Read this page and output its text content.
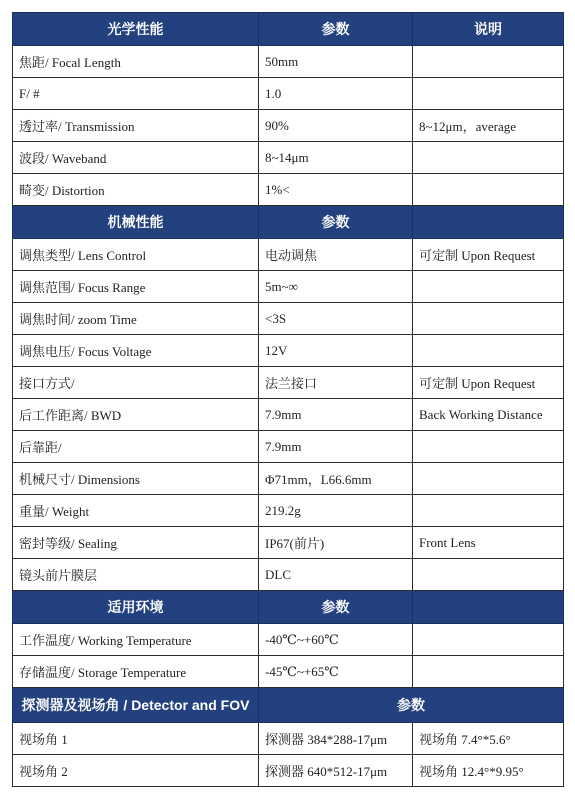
光学性能	参数	说明
焦距/ Focal Length	50mm	
F/ #	1.0	
透过率/ Transmission	90%	8~12μm，average
波段/ Waveband	8~14μm	
畸变/ Distortion	1%<	
机械性能	参数	
调焦类型/ Lens Control	电动调焦	可定制 Upon Request
调焦范围/ Focus Range	5m~∞	
调焦时间/ zoom Time	<3S	
调焦电压/ Focus Voltage	12V	
接口方式/	法兰接口	可定制 Upon Request
后工作距离/ BWD	7.9mm	Back Working Distance
后靠距/	7.9mm	
机械尺寸/ Dimensions	Φ71mm，L66.6mm	
重量/ Weight	219.2g	
密封等级/ Sealing	IP67(前片)	Front Lens
镜头前片膜层	DLC	
适用环境	参数	
工作温度/ Working Temperature	-40℃~+60℃	
存储温度/ Storage Temperature	-45℃~+65℃	
探测器及视场角 / Detector and FOV	参数	
视场角 1	探测器 384*288-17μm	视场角 7.4°*5.6°
视场角 2	探测器 640*512-17μm	视场角 12.4°*9.95°
